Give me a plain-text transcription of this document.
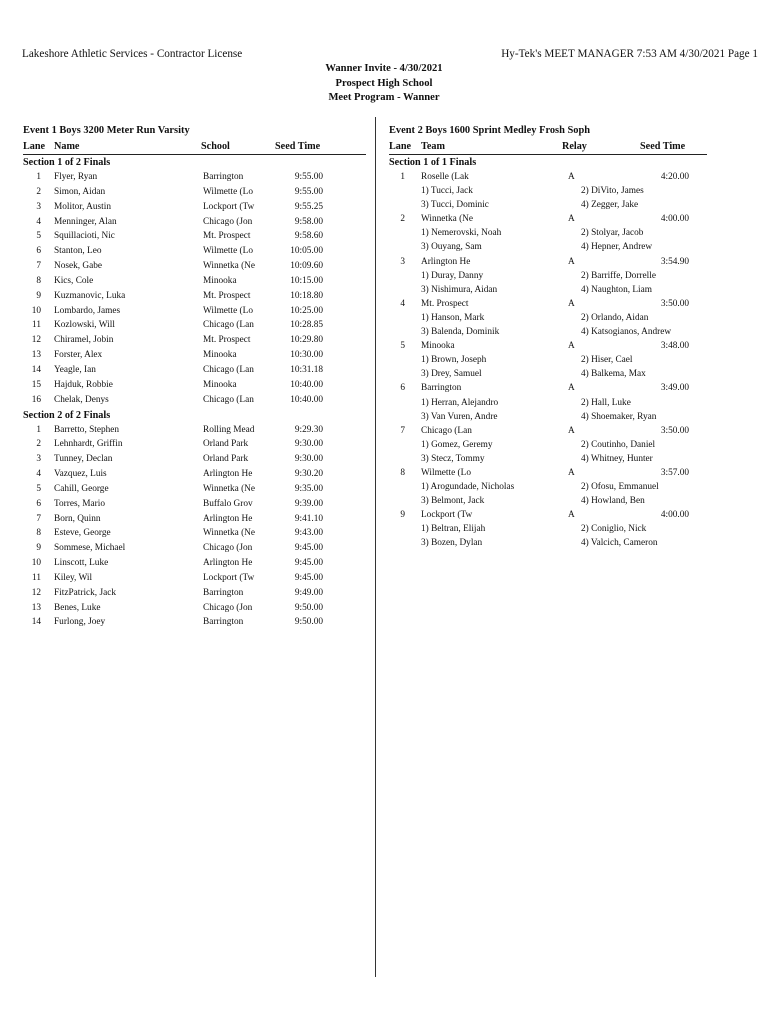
Lakeshore Athletic Services - Contractor License	Hy-Tek's MEET MANAGER 7:53 AM 4/30/2021 Page 1
Wanner Invite - 4/30/2021
Prospect High School
Meet Program - Wanner
Event 1 Boys 3200 Meter Run Varsity
Lane Name	School	Seed Time
Section 1 of 2 Finals
1 Flyer, Ryan	Barrington	9:55.00
2 Simon, Aidan	Wilmette (Lo	9:55.00
3 Molitor, Austin	Lockport (Tw	9:55.25
4 Menninger, Alan	Chicago (Jon	9:58.00
5 Squillacioti, Nic	Mt. Prospect	9:58.60
6 Stanton, Leo	Wilmette (Lo	10:05.00
7 Nosek, Gabe	Winnetka (Ne	10:09.60
8 Kics, Cole	Minooka	10:15.00
9 Kuzmanovic, Luka	Mt. Prospect	10:18.80
10 Lombardo, James	Wilmette (Lo	10:25.00
11 Kozlowski, Will	Chicago (Lan	10:28.85
12 Chiramel, Jobin	Mt. Prospect	10:29.80
13 Forster, Alex	Minooka	10:30.00
14 Yeagle, Ian	Chicago (Lan	10:31.18
15 Hajduk, Robbie	Minooka	10:40.00
16 Chelak, Denys	Chicago (Lan	10:40.00
Section 2 of 2 Finals
1 Barretto, Stephen	Rolling Mead	9:29.30
2 Lehnhardt, Griffin	Orland Park	9:30.00
3 Tunney, Declan	Orland Park	9:30.00
4 Vazquez, Luis	Arlington He	9:30.20
5 Cahill, George	Winnetka (Ne	9:35.00
6 Torres, Mario	Buffalo Grov	9:39.00
7 Born, Quinn	Arlington He	9:41.10
8 Esteve, George	Winnetka (Ne	9:43.00
9 Sommese, Michael	Chicago (Jon	9:45.00
10 Linscott, Luke	Arlington He	9:45.00
11 Kiley, Wil	Lockport (Tw	9:45.00
12 FitzPatrick, Jack	Barrington	9:49.00
13 Benes, Luke	Chicago (Jon	9:50.00
14 Furlong, Joey	Barrington	9:50.00
Event 2 Boys 1600 Sprint Medley Frosh Soph
Lane Team	Relay	Seed Time
Section 1 of 1 Finals
1 Roselle (Lak	A	4:20.00
1) Tucci, Jack	2) DiVito, James
3) Tucci, Dominic	4) Zegger, Jake
2 Winnetka (Ne	A	4:00.00
1) Nemerovski, Noah	2) Stolyar, Jacob
3) Ouyang, Sam	4) Hepner, Andrew
3 Arlington He	A	3:54.90
1) Duray, Danny	2) Barriffe, Dorrelle
3) Nishimura, Aidan	4) Naughton, Liam
4 Mt. Prospect	A	3:50.00
1) Hanson, Mark	2) Orlando, Aidan
3) Balenda, Dominik	4) Katsogianos, Andrew
5 Minooka	A	3:48.00
1) Brown, Joseph	2) Hiser, Cael
3) Drey, Samuel	4) Balkema, Max
6 Barrington	A	3:49.00
1) Herran, Alejandro	2) Hall, Luke
3) Van Vuren, Andre	4) Shoemaker, Ryan
7 Chicago (Lan	A	3:50.00
1) Gomez, Geremy	2) Coutinho, Daniel
3) Stecz, Tommy	4) Whitney, Hunter
8 Wilmette (Lo	A	3:57.00
1) Arogundade, Nicholas	2) Ofosu, Emmanuel
3) Belmont, Jack	4) Howland, Ben
9 Lockport (Tw	A	4:00.00
1) Beltran, Elijah	2) Coniglio, Nick
3) Bozen, Dylan	4) Valcich, Cameron
